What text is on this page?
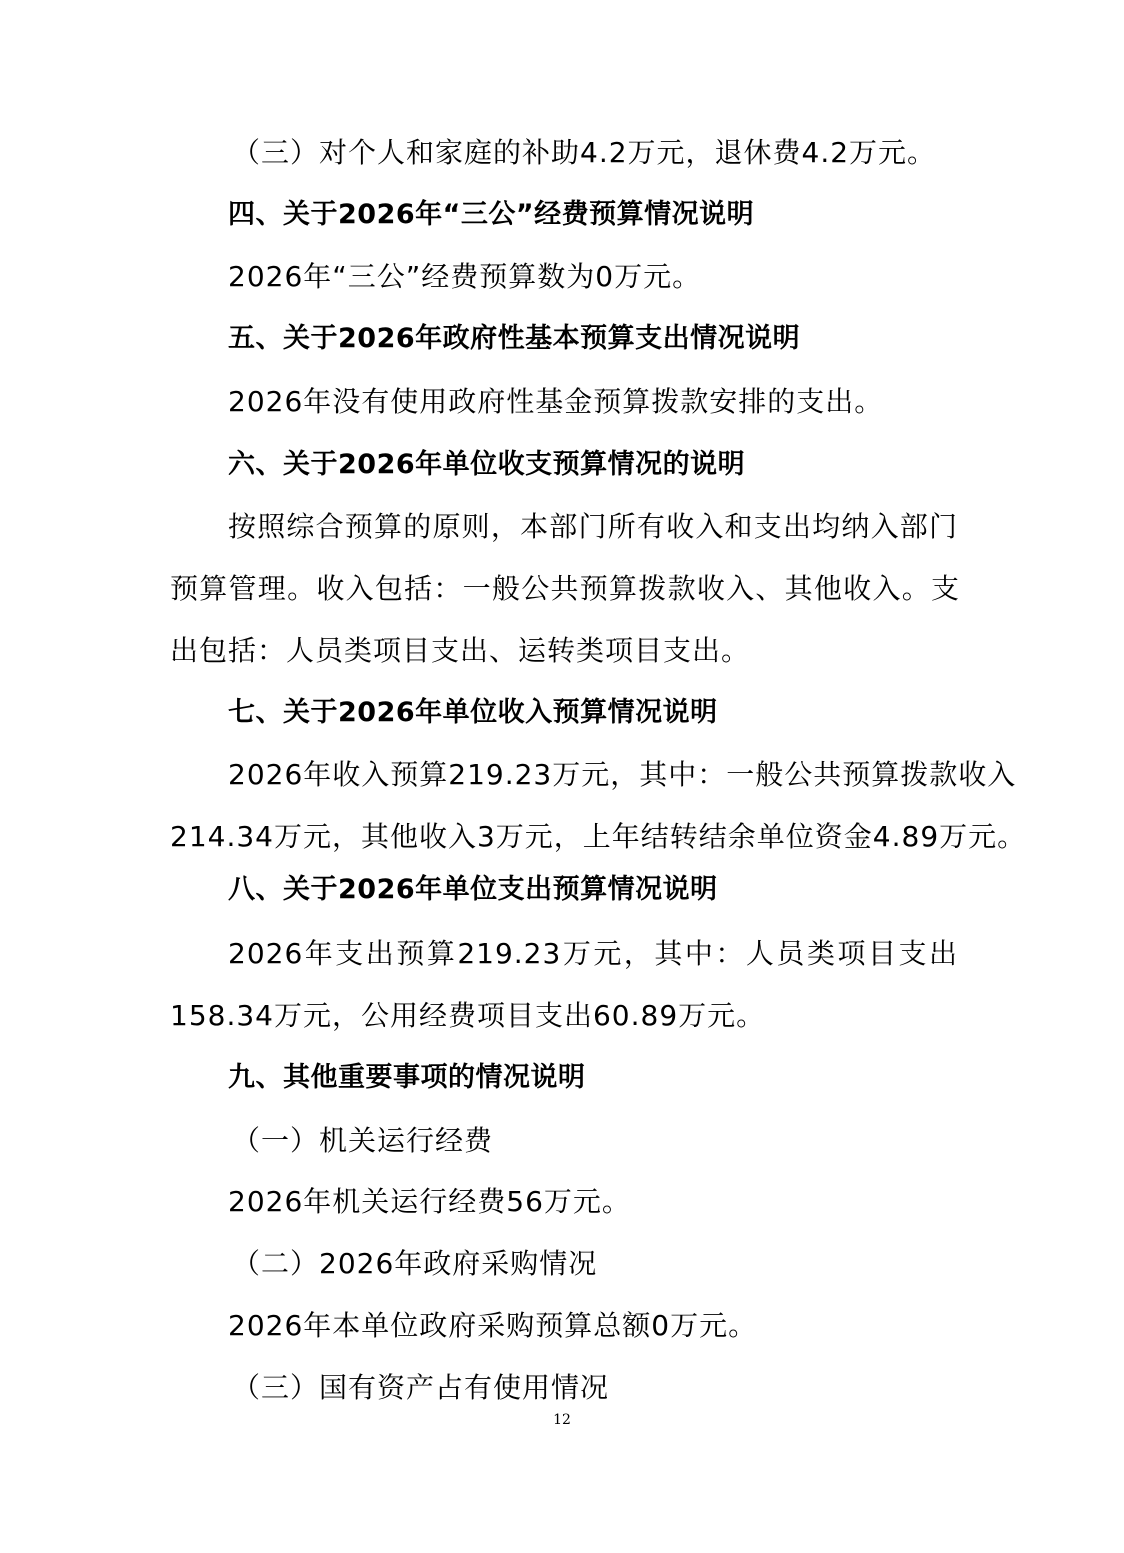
（三）对个人和家庭的补助4.2万元，退休费4.2万元。
四、关于2026年“三公”经费预算情况说明
2026年“三公”经费预算数为0万元。
五、关于2026年政府性基本预算支出情况说明
2026年没有使用政府性基金预算拨款安排的支出。
六、关于2026年单位收支预算情况的说明
按照综合预算的原则，本部门所有收入和支出均纳入部门
预算管理。收入包括：一般公共预算拨款收入、其他收入。支
出包括：人员类项目支出、运转类项目支出。
七、关于2026年单位收入预算情况说明
2026年收入预算219.23万元，其中：一般公共预算拨款收入
214.34万元，其他收入3万元，上年结转结余单位资金4.89万元。
八、关于2026年单位支出预算情况说明
2026年支出预算219.23万元，其中：人员类项目支出
158.34万元，公用经费项目支出60.89万元。
九、其他重要事项的情况说明
（一）机关运行经费
2026年机关运行经费56万元。
（二）2026年政府采购情况
2026年本单位政府采购预算总额0万元。
（三）国有资产占有使用情况
12
